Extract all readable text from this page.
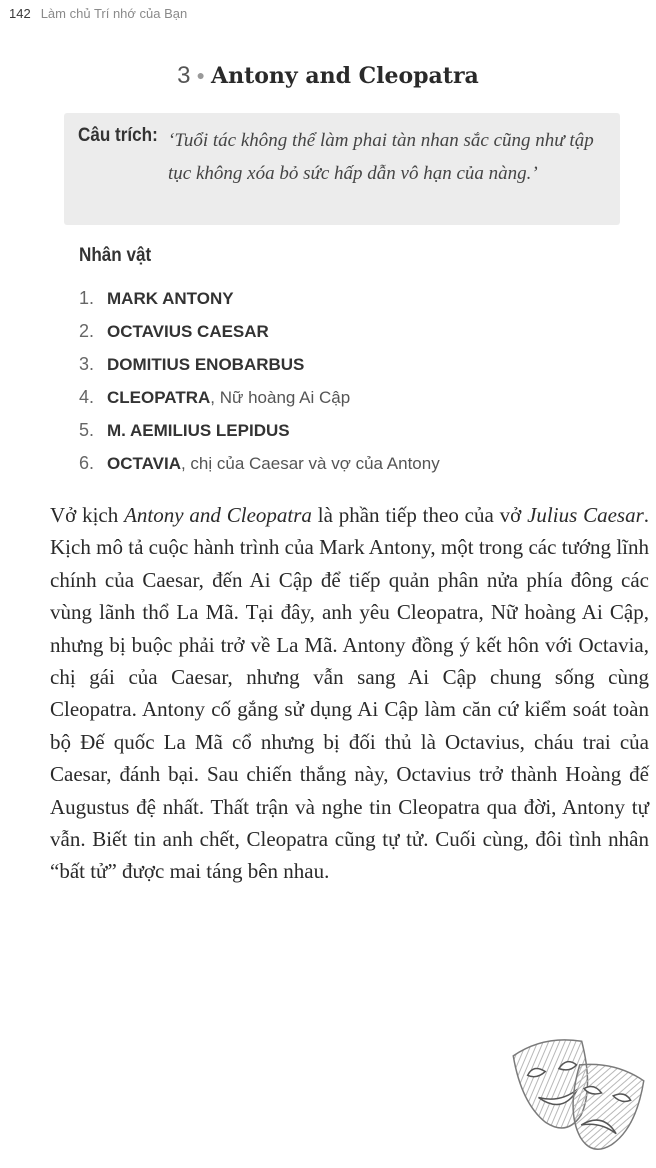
142 Làm chủ Trí nhớ của Bạn
3 ● Antony and Cleopatra
Câu trích: ‘Tuổi tác không thể làm phai tàn nhan sắc cũng như tập tục không xóa bỏ sức hấp dẫn vô hạn của nàng.’
Nhân vật
1. MARK ANTONY
2. OCTAVIUS CAESAR
3. DOMITIUS ENOBARBUS
4. CLEOPATRA, Nữ hoàng Ai Cập
5. M. AEMILIUS LEPIDUS
6. OCTAVIA, chị của Caesar và vợ của Antony

Vở kịch Antony and Cleopatra là phần tiếp theo của vở Julius Caesar. Kịch mô tả cuộc hành trình của Mark Antony, một trong các tướng lĩnh chính của Caesar, đến Ai Cập để tiếp quản phân nửa phía đông các vùng lãnh thổ La Mã. Tại đây, anh yêu Cleopatra, Nữ hoàng Ai Cập, nhưng bị buộc phải trở về La Mã. Antony đồng ý kết hôn với Octavia, chị gái của Caesar, nhưng vẫn sang Ai Cập chung sống cùng Cleopatra. Antony cố gắng sử dụng Ai Cập làm căn cứ kiểm soát toàn bộ Đế quốc La Mã cổ nhưng bị đối thủ là Octavius, cháu trai của Caesar, đánh bại. Sau chiến thắng này, Octavius trở thành Hoàng đế Augustus đệ nhất. Thất trận và nghe tin Cleopatra qua đời, Antony tự vẫn. Biết tin anh chết, Cleopatra cũng tự tử. Cuối cùng, đôi tình nhân “bất tử” được mai táng bên nhau.
